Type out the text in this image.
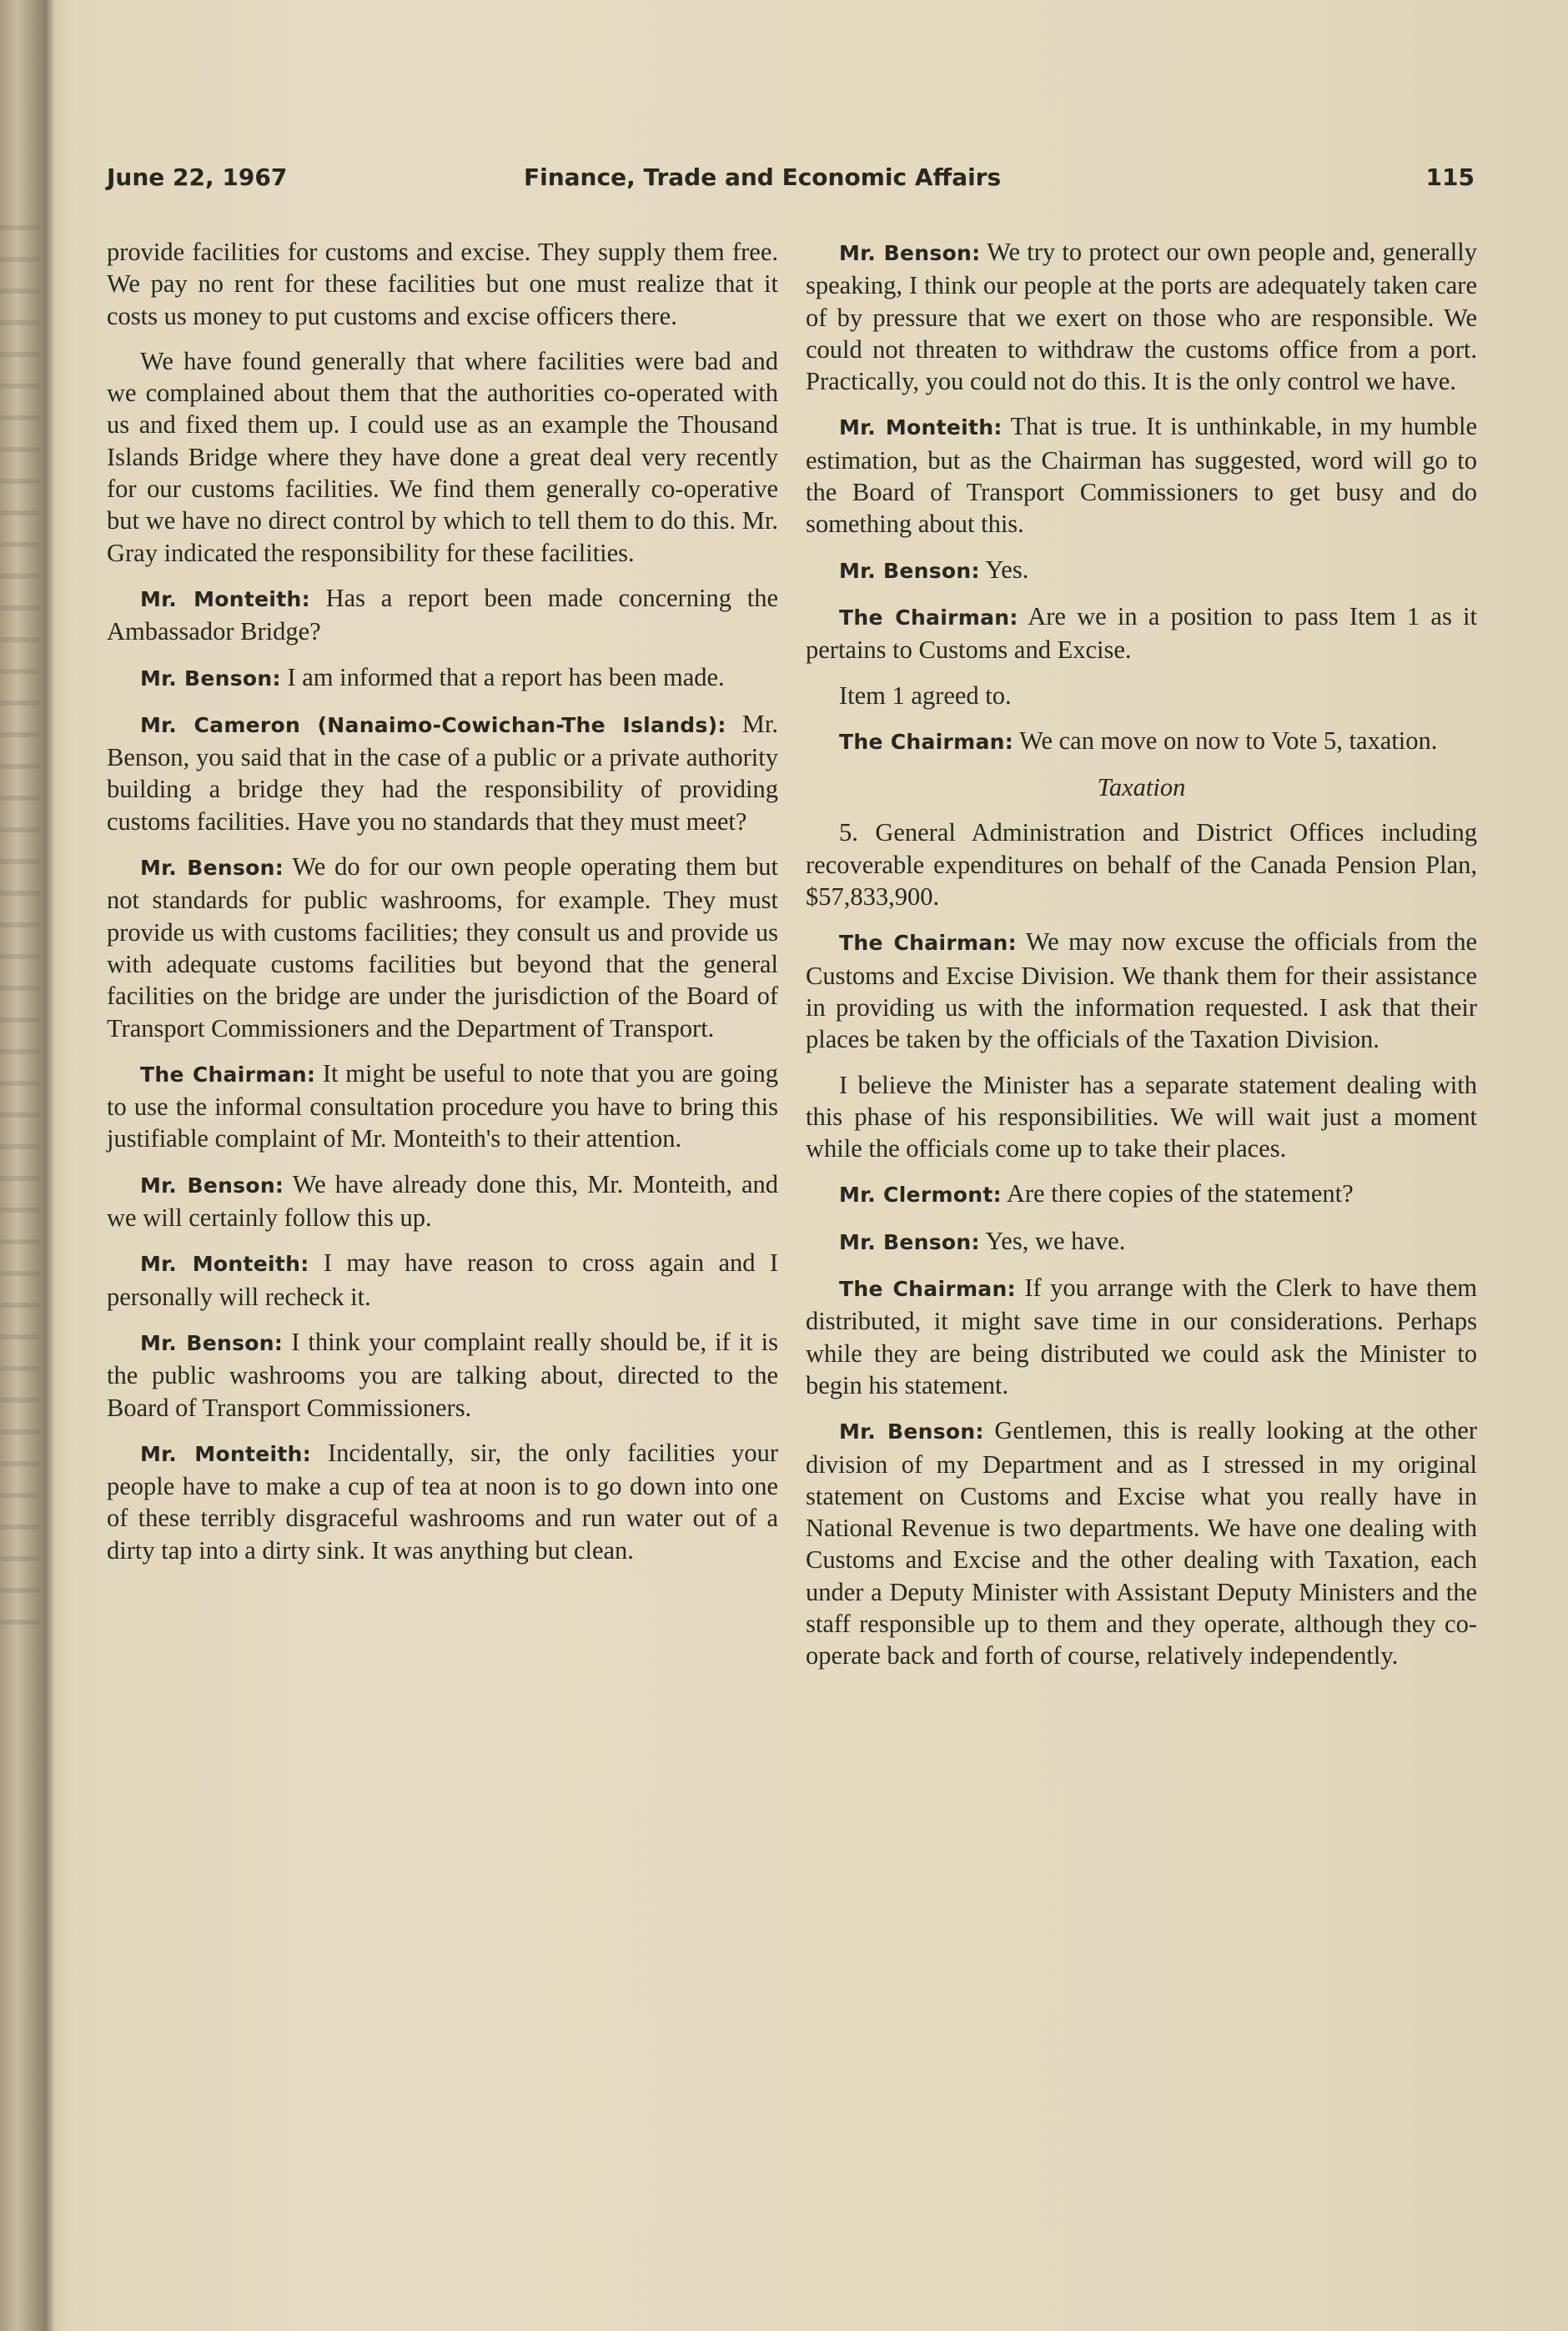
June 22, 1967	Finance, Trade and Economic Affairs	115

provide facilities for customs and excise. They supply them free. We pay no rent for these facilities but one must realize that it costs us money to put customs and excise officers there.

We have found generally that where facilities were bad and we complained about them that the authorities co-operated with us and fixed them up. I could use as an example the Thousand Islands Bridge where they have done a great deal very recently for our customs facilities. We find them generally co-operative but we have no direct control by which to tell them to do this. Mr. Gray indicated the responsibility for these facilities.

Mr. Monteith: Has a report been made concerning the Ambassador Bridge?

Mr. Benson: I am informed that a report has been made.

Mr. Cameron (Nanaimo-Cowichan-The Islands): Mr. Benson, you said that in the case of a public or a private authority building a bridge they had the responsibility of providing customs facilities. Have you no standards that they must meet?

Mr. Benson: We do for our own people operating them but not standards for public washrooms, for example. They must provide us with customs facilities; they consult us and provide us with adequate customs facilities but beyond that the general facilities on the bridge are under the jurisdiction of the Board of Transport Commissioners and the Department of Transport.

The Chairman: It might be useful to note that you are going to use the informal consultation procedure you have to bring this justifiable complaint of Mr. Monteith's to their attention.

Mr. Benson: We have already done this, Mr. Monteith, and we will certainly follow this up.

Mr. Monteith: I may have reason to cross again and I personally will recheck it.

Mr. Benson: I think your complaint really should be, if it is the public washrooms you are talking about, directed to the Board of Transport Commissioners.

Mr. Monteith: Incidentally, sir, the only facilities your people have to make a cup of tea at noon is to go down into one of these terribly disgraceful washrooms and run water out of a dirty tap into a dirty sink. It was anything but clean.

Mr. Benson: We try to protect our own people and, generally speaking, I think our people at the ports are adequately taken care of by pressure that we exert on those who are responsible. We could not threaten to withdraw the customs office from a port. Practically, you could not do this. It is the only control we have.

Mr. Monteith: That is true. It is unthinkable, in my humble estimation, but as the Chairman has suggested, word will go to the Board of Transport Commissioners to get busy and do something about this.

Mr. Benson: Yes.

The Chairman: Are we in a position to pass Item 1 as it pertains to Customs and Excise.

Item 1 agreed to.

The Chairman: We can move on now to Vote 5, taxation.

Taxation

5. General Administration and District Offices including recoverable expenditures on behalf of the Canada Pension Plan, $57,833,900.

The Chairman: We may now excuse the officials from the Customs and Excise Division. We thank them for their assistance in providing us with the information requested. I ask that their places be taken by the officials of the Taxation Division.

I believe the Minister has a separate statement dealing with this phase of his responsibilities. We will wait just a moment while the officials come up to take their places.

Mr. Clermont: Are there copies of the statement?

Mr. Benson: Yes, we have.

The Chairman: If you arrange with the Clerk to have them distributed, it might save time in our considerations. Perhaps while they are being distributed we could ask the Minister to begin his statement.

Mr. Benson: Gentlemen, this is really looking at the other division of my Department and as I stressed in my original statement on Customs and Excise what you really have in National Revenue is two departments. We have one dealing with Customs and Excise and the other dealing with Taxation, each under a Deputy Minister with Assistant Deputy Ministers and the staff responsible up to them and they operate, although they co-operate back and forth of course, relatively independently.
